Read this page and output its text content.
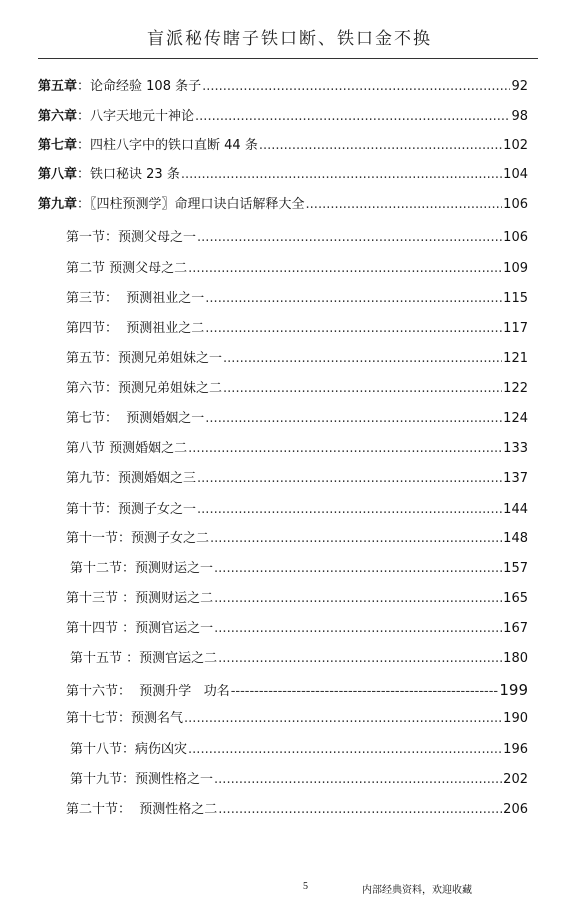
盲派秘传瞎子铁口断、铁口金不换
第五章：论命经验 108 条子 .....	92
第六章：八字天地元十神论 .....	98
第七章：四柱八字中的铁口直断 44 条 .....	102
第八章：铁口秘诀 23 条 .....	104
第九章：〖四柱预测学〗命理口诀白话解释大全 .....	106
第一节：预测父母之一 .....	106
第二节 预测父母之二 .....	109
第三节：  预测祖业之一 .....	115
第四节：  预测祖业之二 .....	117
第五节：预测兄弟姐妹之一 .....	121
第六节：预测兄弟姐妹之二 .....	122
第七节：  预测婚姻之一 .....	124
第八节 预测婚姻之二 .....	133
第九节：预测婚姻之三 .....	137
第十节：预测子女之一 .....	144
第十一节：预测子女之二 .....	148
第十二节：预测财运之一 .....	157
第十三节 ：预测财运之二 .....	165
第十四节 ：预测官运之一 .....	167
第十五节 ：预测官运之二 .....	180
第十六节：  预测升学   功名 -----	199
第十七节：预测名气 .....	190
第十八节：病伤凶灾 .....	196
第十九节：预测性格之一 .....	202
第二十节：  预测性格之二 .....	206
5	内部经典资料，欢迎收藏
